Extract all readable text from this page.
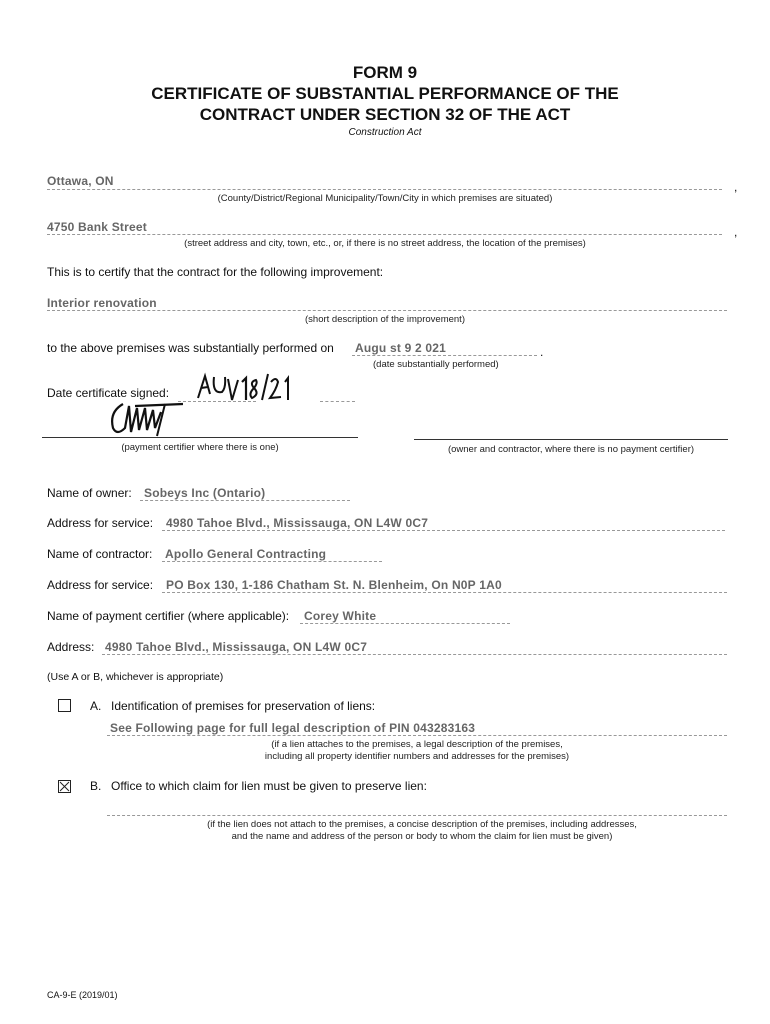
FORM 9
CERTIFICATE OF SUBSTANTIAL PERFORMANCE OF THE
CONTRACT UNDER SECTION 32 OF THE ACT
Construction Act
Ottawa, ON	,
(County/District/Regional Municipality/Town/City in which premises are situated)
4750 Bank Street	,
(street address and city, town, etc., or, if there is no street address, the location of the premises)
This is to certify that the contract for the following improvement:
Interior renovation
(short description of the improvement)
to the above premises was substantially performed on Augu st 9 2 021	.
(date substantially performed)
Date certificate signed:
(payment certifier where there is one)	(owner and contractor, where there is no payment certifier)
Name of owner: Sobeys Inc (Ontario)
Address for service: 4980 Tahoe Blvd., Mississauga, ON L4W 0C7
Name of contractor: Apollo General Contracting
Address for service: PO Box 130, 1-186 Chatham St. N. Blenheim, On N0P 1A0
Name of payment certifier (where applicable): Corey White
Address: 4980 Tahoe Blvd., Mississauga, ON L4W 0C7
(Use A or B, whichever is appropriate)
A. Identification of premises for preservation of liens:
See Following page for full legal description of PIN 043283163
(if a lien attaches to the premises, a legal description of the premises,
including all property identifier numbers and addresses for the premises)
B. Office to which claim for lien must be given to preserve lien:
(if the lien does not attach to the premises, a concise description of the premises, including addresses,
and the name and address of the person or body to whom the claim for lien must be given)
CA-9-E (2019/01)
